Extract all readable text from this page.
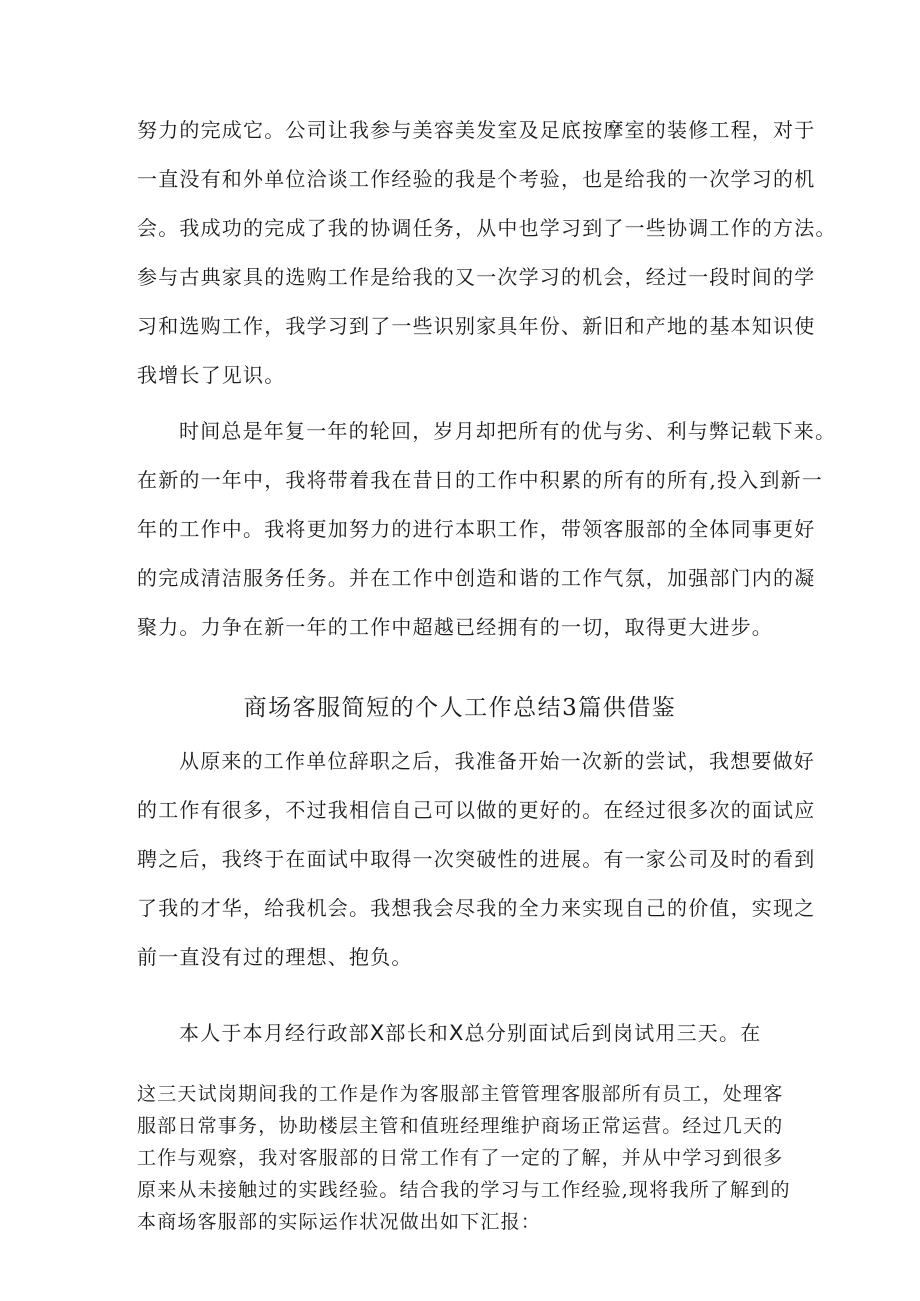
努力的完成它。公司让我参与美容美发室及足底按摩室的装修工程，对于
一直没有和外单位洽谈工作经验的我是个考验，也是给我的一次学习的机
会。我成功的完成了我的协调任务，从中也学习到了一些协调工作的方法。
参与古典家具的选购工作是给我的又一次学习的机会，经过一段时间的学
习和选购工作，我学习到了一些识别家具年份、新旧和产地的基本知识使
我增长了见识。
时间总是年复一年的轮回，岁月却把所有的优与劣、利与弊记载下来。
在新的一年中，我将带着我在昔日的工作中积累的所有的所有,投入到新一
年的工作中。我将更加努力的进行本职工作，带领客服部的全体同事更好
的完成清洁服务任务。并在工作中创造和谐的工作气氛，加强部门内的凝
聚力。力争在新一年的工作中超越已经拥有的一切，取得更大进步。
商场客服简短的个人工作总结3篇供借鉴
从原来的工作单位辞职之后，我准备开始一次新的尝试，我想要做好
的工作有很多，不过我相信自己可以做的更好的。在经过很多次的面试应
聘之后，我终于在面试中取得一次突破性的进展。有一家公司及时的看到
了我的才华，给我机会。我想我会尽我的全力来实现自己的价值，实现之
前一直没有过的理想、抱负。
本人于本月经行政部X部长和X总分别面试后到岗试用三天。在
这三天试岗期间我的工作是作为客服部主管管理客服部所有员工，处理客
服部日常事务，协助楼层主管和值班经理维护商场正常运营。经过几天的
工作与观察，我对客服部的日常工作有了一定的了解，并从中学习到很多
原来从未接触过的实践经验。结合我的学习与工作经验,现将我所了解到的
本商场客服部的实际运作状况做出如下汇报：
